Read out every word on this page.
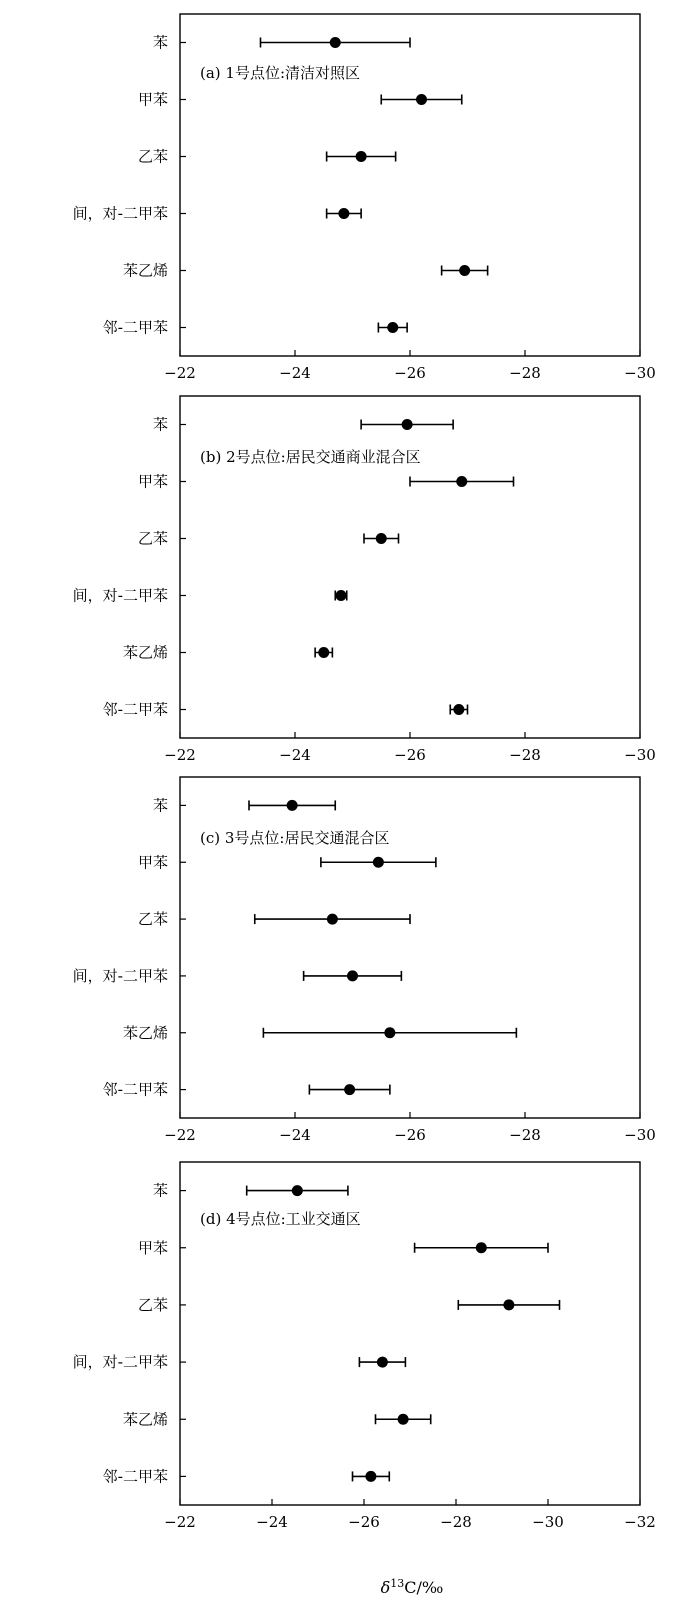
−22	−24	−26	−28	−30
苯
甲苯
乙苯
间，对-二甲苯
苯乙烯
邻-二甲苯
(a) 1号点位:清洁对照区
−22	−24	−26	−28	−30
苯
甲苯
乙苯
间，对-二甲苯
苯乙烯
邻-二甲苯
(b) 2号点位:居民交通商业混合区
−22	−24	−26	−28	−30
苯
甲苯
乙苯
间，对-二甲苯
苯乙烯
邻-二甲苯
(c) 3号点位:居民交通混合区
−22	−24	−26	−28	−30	−32
苯
甲苯
乙苯
间，对-二甲苯
苯乙烯
邻-二甲苯
(d) 4号点位:工业交通区
$\delta^{13}C/‰$
